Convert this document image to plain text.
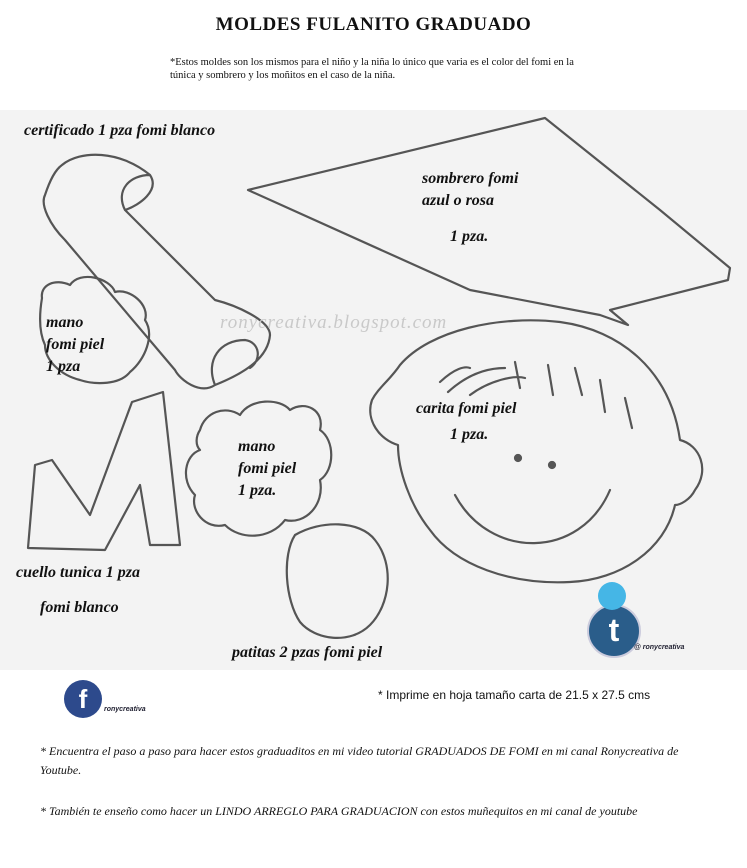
MOLDES FULANITO GRADUADO
*Estos moldes son los mismos para el niño y la niña lo único que varia es el color del fomi en la túnica y sombrero y los moñitos en el caso de la niña.
ronycreativa.blogspot.com
certificado 1 pza fomi blanco
sombrero fomi
azul o rosa
1 pza.
mano
fomi piel
1 pza
carita fomi piel
1 pza.
mano
fomi piel
1 pza.
cuello tunica 1 pza
fomi blanco
patitas 2 pzas fomi piel
t	@ ronycreativa
f	ronycreativa
* Imprime en hoja tamaño carta de 21.5 x 27.5 cms
* Encuentra el paso a paso para hacer estos graduaditos en mi video tutorial GRADUADOS DE FOMI en mi canal Ronycreativa de Youtube.
* También te enseño como hacer un LINDO ARREGLO PARA GRADUACION con estos muñequitos en mi canal de youtube
